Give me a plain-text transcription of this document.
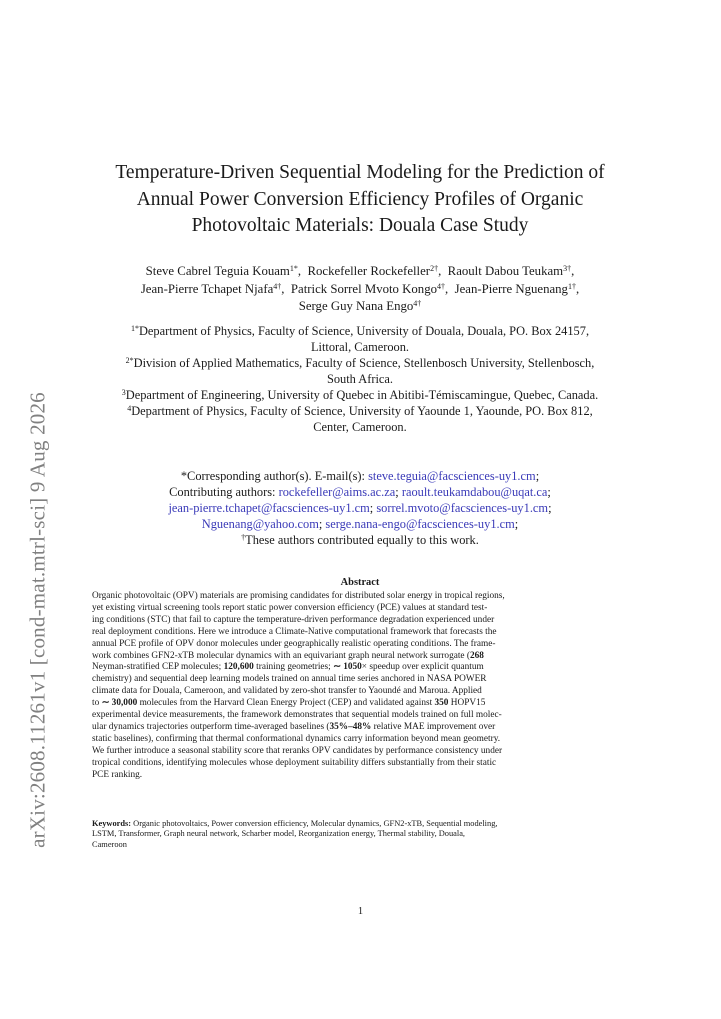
arXiv:2608.11261v1 [cond-mat.mtrl-sci] 9 Aug 2026
Temperature-Driven Sequential Modeling for the Prediction of
Annual Power Conversion Efficiency Profiles of Organic
Photovoltaic Materials: Douala Case Study
Steve Cabrel Teguia Kouam$^{1*}$,  Rockefeller Rockefeller$^{2\dagger}$,  Raoult Dabou Teukam$^{3\dagger}$,
Jean-Pierre Tchapet Njafa$^{4\dagger}$,  Patrick Sorrel Mvoto Kongo$^{4\dagger}$,  Jean-Pierre Nguenang$^{1\dagger}$,
Serge Guy Nana Engo$^{4\dagger}$
$^{1*}$Department of Physics, Faculty of Science, University of Douala, Douala, PO. Box 24157,
Littoral, Cameroon.
$^{2*}$Division of Applied Mathematics, Faculty of Science, Stellenbosch University, Stellenbosch,
South Africa.
$^3$Department of Engineering, University of Quebec in Abitibi-Témiscamingue, Quebec, Canada.
$^4$Department of Physics, Faculty of Science, University of Yaounde 1, Yaounde, PO. Box 812,
Center, Cameroon.
*Corresponding author(s). E-mail(s): steve.teguia@facsciences-uy1.cm;
Contributing authors: rockefeller@aims.ac.za; raoult.teukamdabou@uqat.ca;
jean-pierre.tchapet@facsciences-uy1.cm; sorrel.mvoto@facsciences-uy1.cm;
Nguenang@yahoo.com; serge.nana-engo@facsciences-uy1.cm;
†These authors contributed equally to this work.
Abstract
Organic photovoltaic (OPV) materials are promising candidates for distributed solar energy in tropical regions,
yet existing virtual screening tools report static power conversion efficiency (PCE) values at standard test-
ing conditions (STC) that fail to capture the temperature-driven performance degradation experienced under
real deployment conditions. Here we introduce a Climate-Native computational framework that forecasts the
annual PCE profile of OPV donor molecules under geographically realistic operating conditions. The frame-
work combines GFN2-xTB molecular dynamics with an equivariant graph neural network surrogate (268
Neyman-stratified CEP molecules; 120,600 training geometries; ∼ 1050× speedup over explicit quantum
chemistry) and sequential deep learning models trained on annual time series anchored in NASA POWER
climate data for Douala, Cameroon, and validated by zero-shot transfer to Yaoundé and Maroua. Applied
to ∼ 30,000 molecules from the Harvard Clean Energy Project (CEP) and validated against 350 HOPV15
experimental device measurements, the framework demonstrates that sequential models trained on full molec-
ular dynamics trajectories outperform time-averaged baselines (35%–48% relative MAE improvement over
static baselines), confirming that thermal conformational dynamics carry information beyond mean geometry.
We further introduce a seasonal stability score that reranks OPV candidates by performance consistency under
tropical conditions, identifying molecules whose deployment suitability differs substantially from their static
PCE ranking.
Keywords: Organic photovoltaics, Power conversion efficiency, Molecular dynamics, GFN2-xTB, Sequential modeling,
LSTM, Transformer, Graph neural network, Scharber model, Reorganization energy, Thermal stability, Douala,
Cameroon
1
